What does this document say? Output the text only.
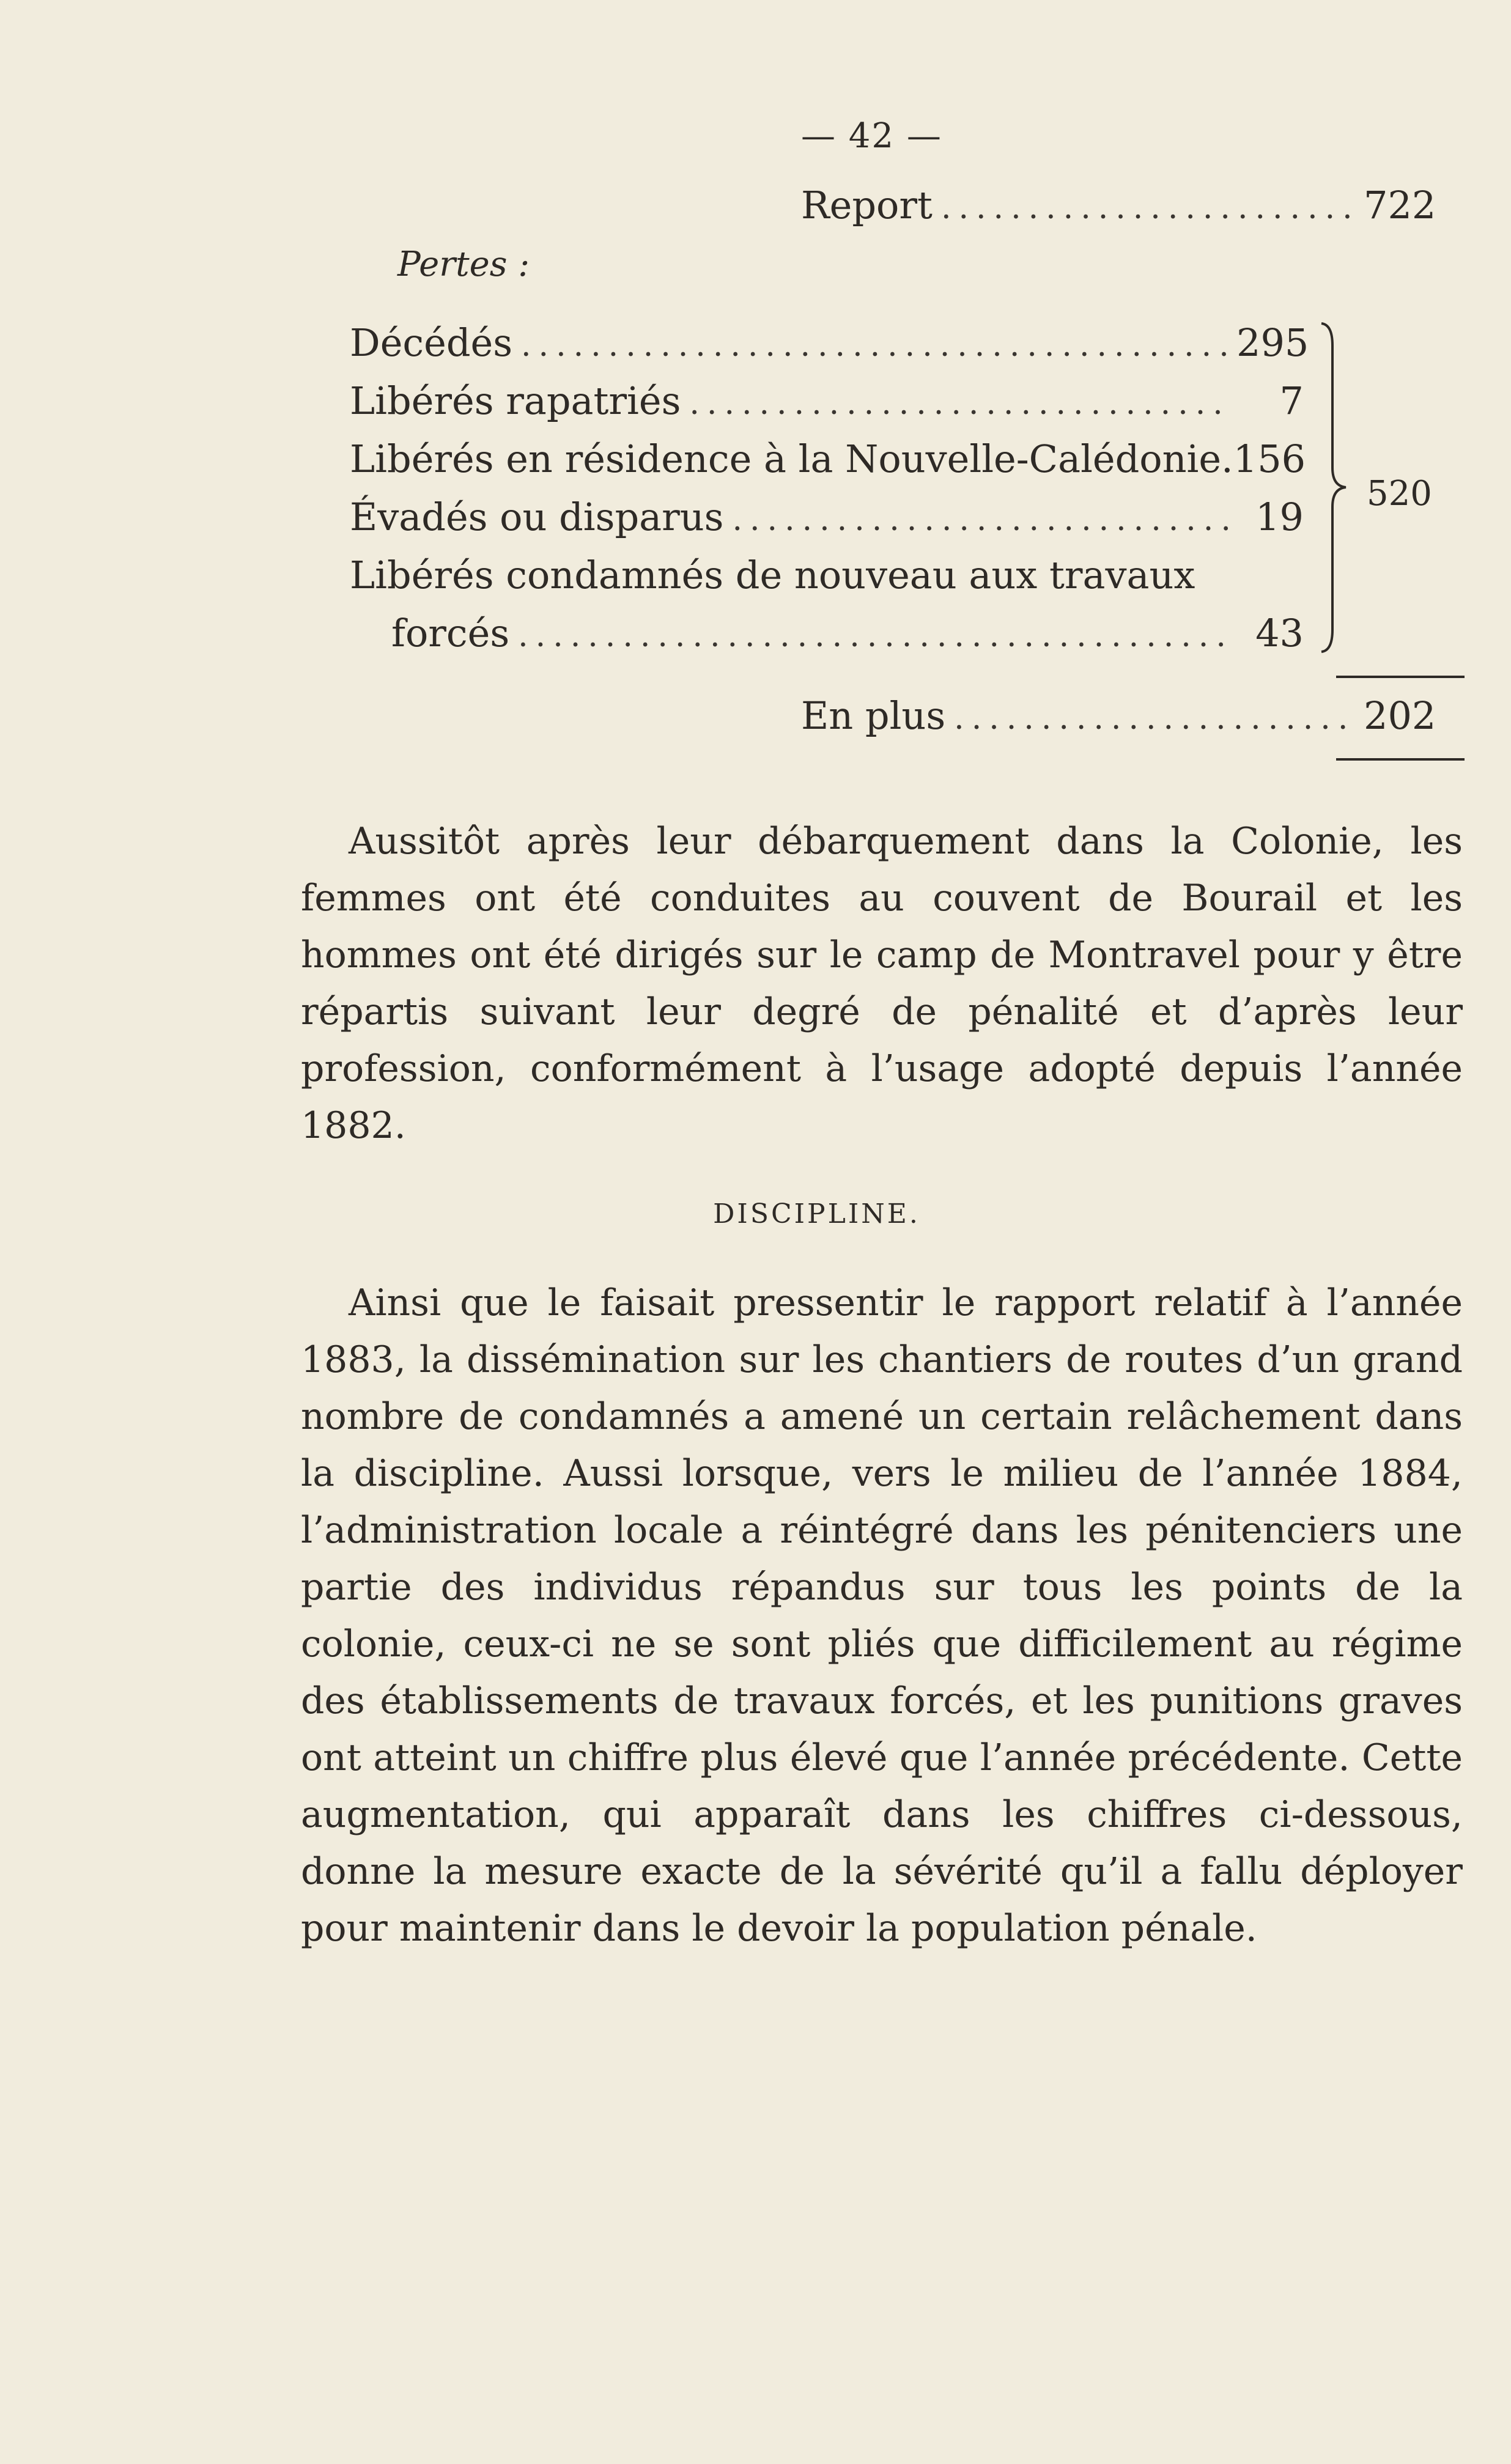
— 42 —
Report .....	722
Pertes :
Décédés .....	295
Libérés rapatriés .....	7
Libérés en résidence à la Nouvelle-Calédonie. 156
Évadés ou disparus .....	19
Libérés condamnés de nouveau aux travaux
forcés .....	43
520
En plus .....	202

Aussitôt après leur débarquement dans la Colonie, les femmes ont été conduites au couvent de Bourail et les hommes ont été dirigés sur le camp de Montravel pour y être répartis suivant leur degré de pénalité et d’après leur profession, conformément à l’usage adopté depuis l’année 1882.

DISCIPLINE.

Ainsi que le faisait pressentir le rapport relatif à l’année 1883, la dissémination sur les chantiers de routes d’un grand nombre de condamnés a amené un certain relâchement dans la discipline. Aussi lorsque, vers le milieu de l’année 1884, l’administration locale a réintégré dans les pénitenciers une partie des individus répandus sur tous les points de la colonie, ceux-ci ne se sont pliés que difficilement au régime des établissements de travaux forcés, et les punitions graves ont atteint un chiffre plus élevé que l’année précédente. Cette augmentation, qui apparaît dans les chiffres ci-dessous, donne la mesure exacte de la sévérité qu’il a fallu déployer pour maintenir dans le devoir la population pénale.
